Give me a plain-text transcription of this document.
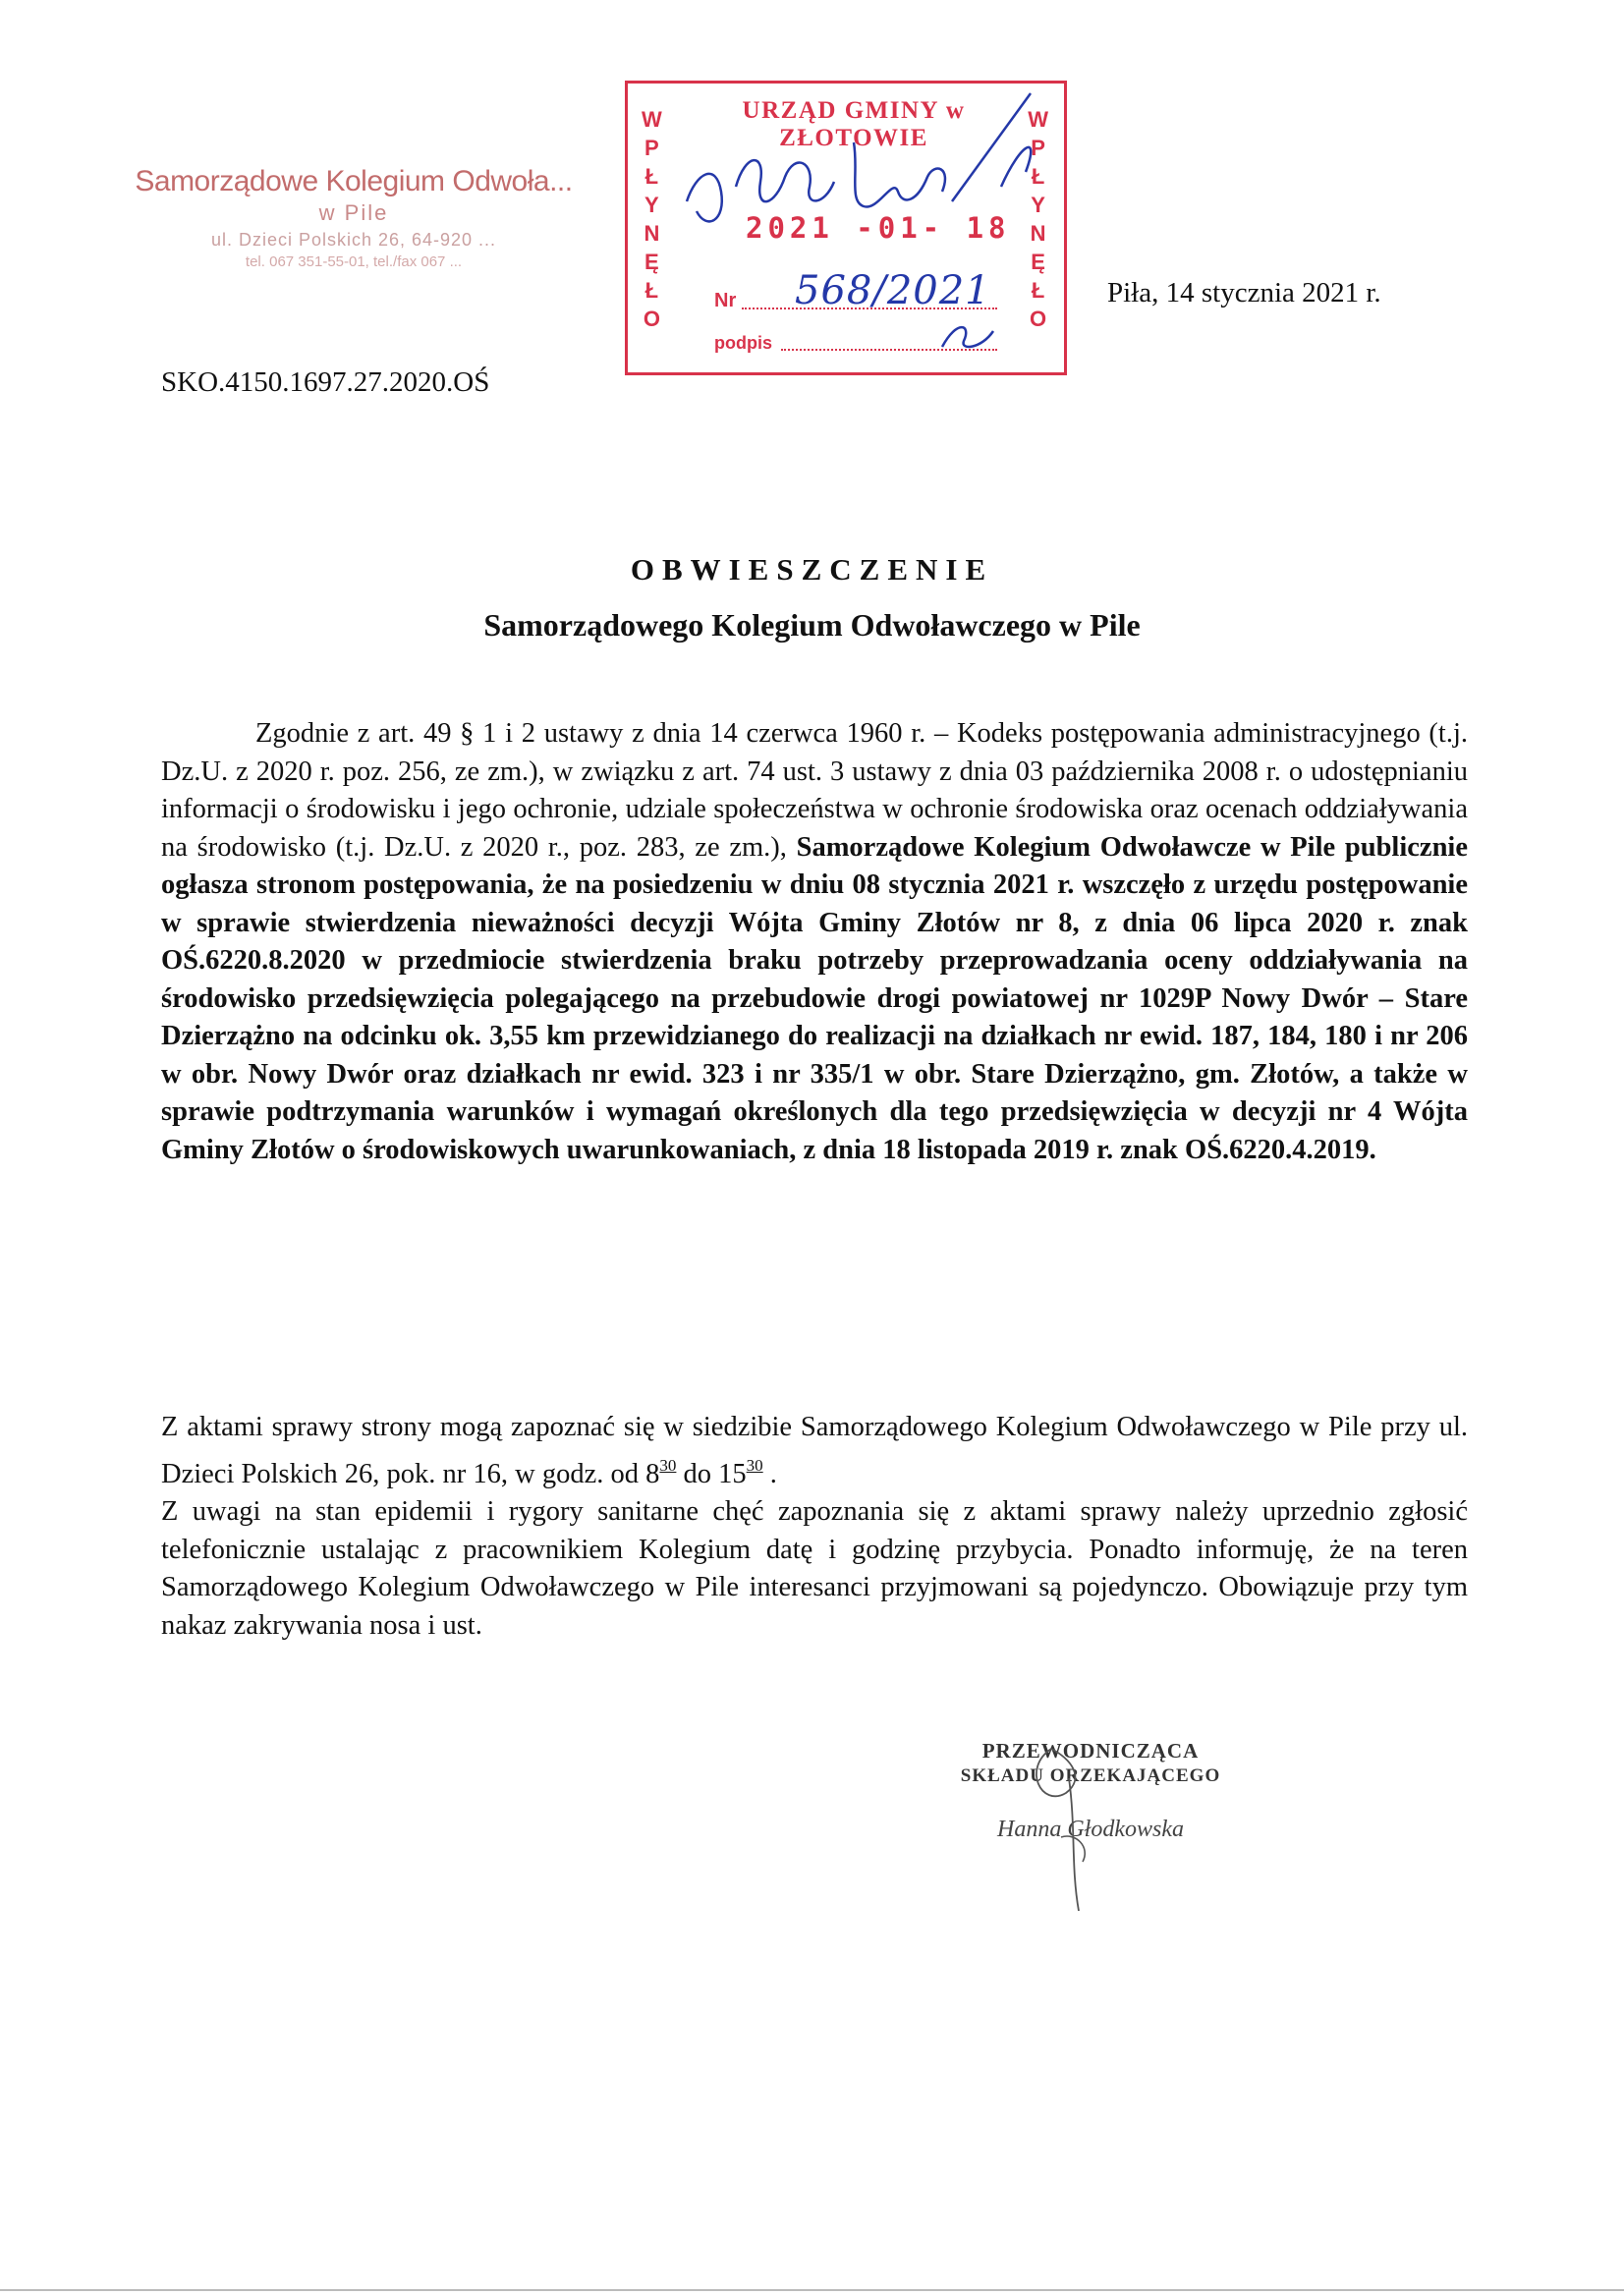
Samorządowe Kolegium Odwoła...
w Pile
ul. Dzieci Polskich 26, 64-920 ...
tel. 067 351-55-01, tel./fax 067 ...
W
P
Ł
Y
N
Ę
Ł
O
W
P
Ł
Y
N
Ę
Ł
O
URZĄD GMINY w ZŁOTOWIE
2021 -01- 18
Nr 568/2021
podpis
Piła, 14 stycznia 2021 r.
SKO.4150.1697.27.2020.OŚ
OBWIESZCZENIE
Samorządowego Kolegium Odwoławczego w Pile
Zgodnie z art. 49 § 1 i 2 ustawy z dnia 14 czerwca 1960 r. – Kodeks postępowania administracyjnego (t.j. Dz.U. z 2020 r. poz. 256, ze zm.), w związku z art. 74 ust. 3 ustawy z dnia 03 października 2008 r. o udostępnianiu informacji o środowisku i jego ochronie, udziale społeczeństwa w ochronie środowiska oraz ocenach oddziaływania na środowisko (t.j. Dz.U. z 2020 r., poz. 283, ze zm.), Samorządowe Kolegium Odwoławcze w Pile publicznie ogłasza stronom postępowania, że na posiedzeniu w dniu 08 stycznia 2021 r. wszczęło z urzędu postępowanie w sprawie stwierdzenia nieważności decyzji Wójta Gminy Złotów nr 8, z dnia 06 lipca 2020 r. znak OŚ.6220.8.2020 w przedmiocie stwierdzenia braku potrzeby przeprowadzania oceny oddziaływania na środowisko przedsięwzięcia polegającego na przebudowie drogi powiatowej nr 1029P Nowy Dwór – Stare Dzierzążno na odcinku ok. 3,55 km przewidzianego do realizacji na działkach nr ewid. 187, 184, 180 i nr 206 w obr. Nowy Dwór oraz działkach nr ewid. 323 i nr 335/1 w obr. Stare Dzierzążno, gm. Złotów, a także w sprawie podtrzymania warunków i wymagań określonych dla tego przedsięwzięcia w decyzji nr 4 Wójta Gminy Złotów o środowiskowych uwarunkowaniach, z dnia 18 listopada 2019 r. znak OŚ.6220.4.2019.
Z aktami sprawy strony mogą zapoznać się w siedzibie Samorządowego Kolegium Odwoławczego w Pile przy ul. Dzieci Polskich 26, pok. nr 16, w godz. od $8^{30}$ do $15^{30}$ .
Z uwagi na stan epidemii i rygory sanitarne chęć zapoznania się z aktami sprawy należy uprzednio zgłosić telefonicznie ustalając z pracownikiem Kolegium datę i godzinę przybycia. Ponadto informuję, że na teren Samorządowego Kolegium Odwoławczego w Pile interesanci przyjmowani są pojedynczo. Obowiązuje przy tym nakaz zakrywania nosa i ust.
PRZEWODNICZĄCA
SKŁADU ORZEKAJĄCEGO
Hanna Głodkowska
